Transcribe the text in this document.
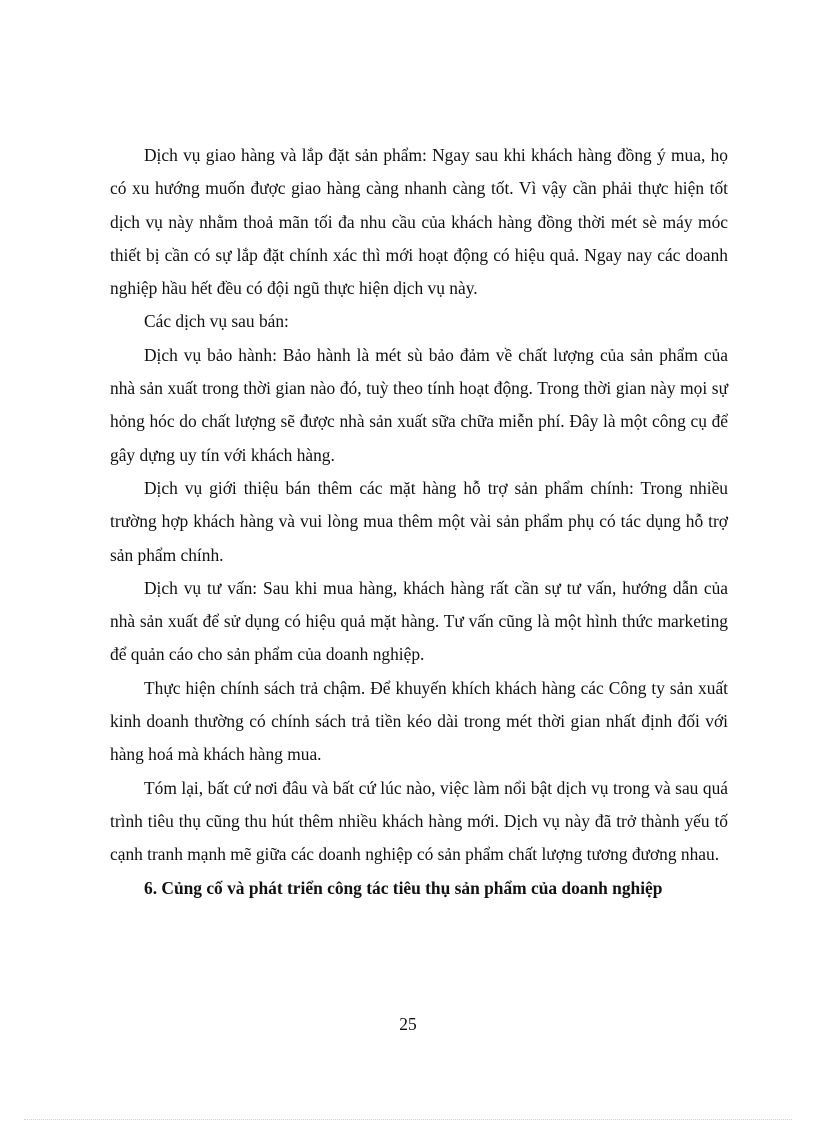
Dịch vụ giao hàng và lắp đặt sản phẩm: Ngay sau khi khách hàng đồng ý mua, họ có xu hướng muốn được giao hàng càng nhanh càng tốt. Vì vậy cần phải thực hiện tốt dịch vụ này nhằm thoả mãn tối đa nhu cầu của khách hàng đồng thời mét sè máy móc thiết bị cần có sự lắp đặt chính xác thì mới hoạt động có hiệu quả. Ngay nay các doanh nghiệp hầu hết đều có đội ngũ thực hiện dịch vụ này.

Các dịch vụ sau bán:

Dịch vụ bảo hành: Bảo hành là mét sù bảo đảm về chất lượng của sản phẩm của nhà sản xuất trong thời gian nào đó, tuỳ theo tính hoạt động. Trong thời gian này mọi sự hỏng hóc do chất lượng sẽ được nhà sản xuất sữa chữa miễn phí. Đây là một công cụ để gây dựng uy tín với khách hàng.

Dịch vụ giới thiệu bán thêm các mặt hàng hỗ trợ sản phẩm chính: Trong nhiều trường hợp khách hàng và vui lòng mua thêm một vài sản phẩm phụ có tác dụng hỗ trợ sản phẩm chính.

Dịch vụ tư vấn: Sau khi mua hàng, khách hàng rất cần sự tư vấn, hướng dẫn của nhà sản xuất để sử dụng có hiệu quả mặt hàng. Tư vấn cũng là một hình thức marketing để quản cáo cho sản phẩm của doanh nghiệp.

Thực hiện chính sách trả chậm. Để khuyến khích khách hàng các Công ty sản xuất kinh doanh thường có chính sách trả tiền kéo dài trong mét thời gian nhất định đối với hàng hoá mà khách hàng mua.

Tóm lại, bất cứ nơi đâu và bất cứ lúc nào, việc làm nổi bật dịch vụ trong và sau quá trình tiêu thụ cũng thu hút thêm nhiều khách hàng mới. Dịch vụ này đã trở thành yếu tố cạnh tranh mạnh mẽ giữa các doanh nghiệp có sản phẩm chất lượng tương đương nhau.

6. Củng cố và phát triển công tác tiêu thụ sản phẩm của doanh nghiệp

25
